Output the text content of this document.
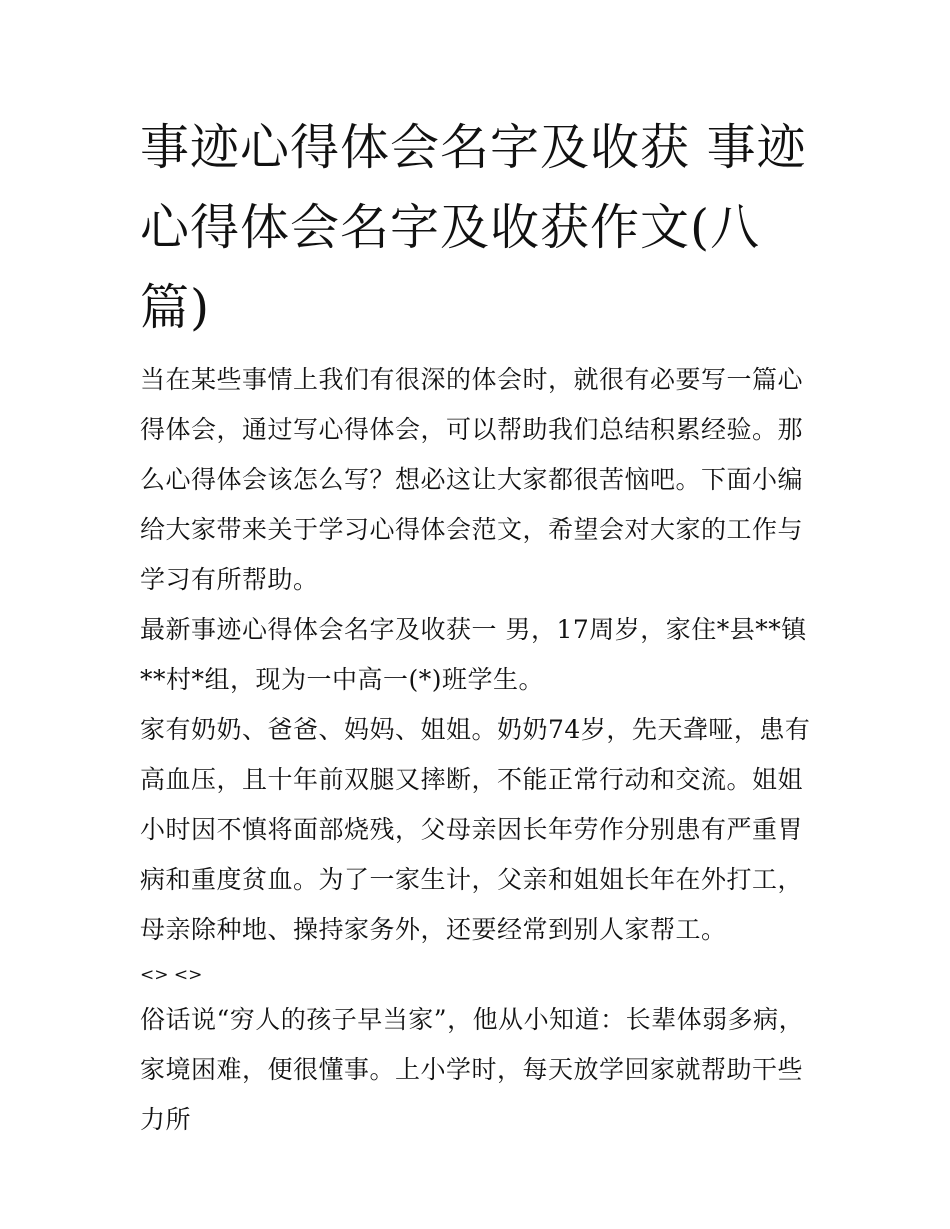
事迹心得体会名字及收获 事迹心得体会名字及收获作文(八篇)

当在某些事情上我们有很深的体会时，就很有必要写一篇心得体会，通过写心得体会，可以帮助我们总结积累经验。那么心得体会该怎么写？想必这让大家都很苦恼吧。下面小编给大家带来关于学习心得体会范文，希望会对大家的工作与学习有所帮助。

最新事迹心得体会名字及收获一 男，17周岁，家住*县**镇**村*组，现为一中高一(*)班学生。

家有奶奶、爸爸、妈妈、姐姐。奶奶74岁，先天聋哑，患有高血压，且十年前双腿又摔断，不能正常行动和交流。姐姐小时因不慎将面部烧残，父母亲因长年劳作分别患有严重胃病和重度贫血。为了一家生计，父亲和姐姐长年在外打工，母亲除种地、操持家务外，还要经常到别人家帮工。

<> <>

俗话说“穷人的孩子早当家”，他从小知道：长辈体弱多病，家境困难，便很懂事。上小学时，每天放学回家就帮助干些力所
